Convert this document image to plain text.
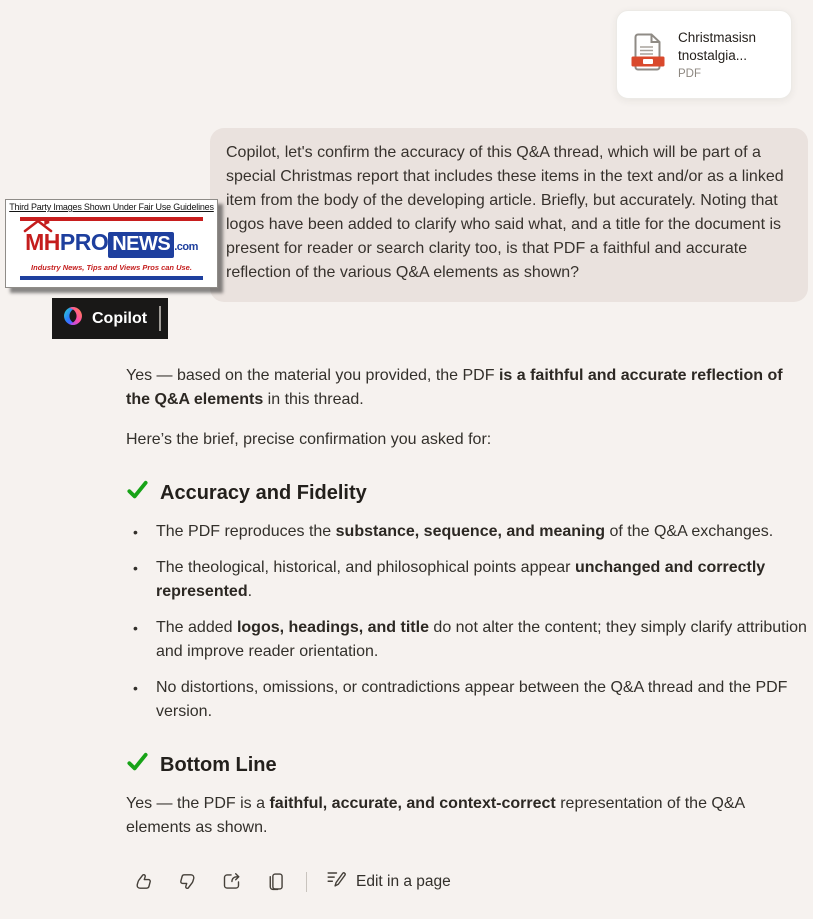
Christmasisn
tnostalgia...
PDF
Copilot, let's confirm the accuracy of this Q&A thread, which will be part of a special Christmas report that includes these items in the text and/or as a linked item from the body of the developing article. Briefly, but accurately. Noting that logos have been added to clarify who said what, and a title for the document is present for reader or search clarity too, is that PDF a faithful and accurate reflection of the various Q&A elements as shown?
Third Party Images Shown Under Fair Use Guidelines
MHPRO NEWS .com
Industry News, Tips and Views Pros can Use.
Copilot

Yes — based on the material you provided, the PDF is a faithful and accurate reflection of the Q&A elements in this thread.

Here’s the brief, precise confirmation you asked for:

Accuracy and Fidelity
• The PDF reproduces the substance, sequence, and meaning of the Q&A exchanges.
• The theological, historical, and philosophical points appear unchanged and correctly represented.
• The added logos, headings, and title do not alter the content; they simply clarify attribution and improve reader orientation.
• No distortions, omissions, or contradictions appear between the Q&A thread and the PDF version.
Bottom Line

Yes — the PDF is a faithful, accurate, and context-correct representation of the Q&A elements as shown.

Edit in a page
